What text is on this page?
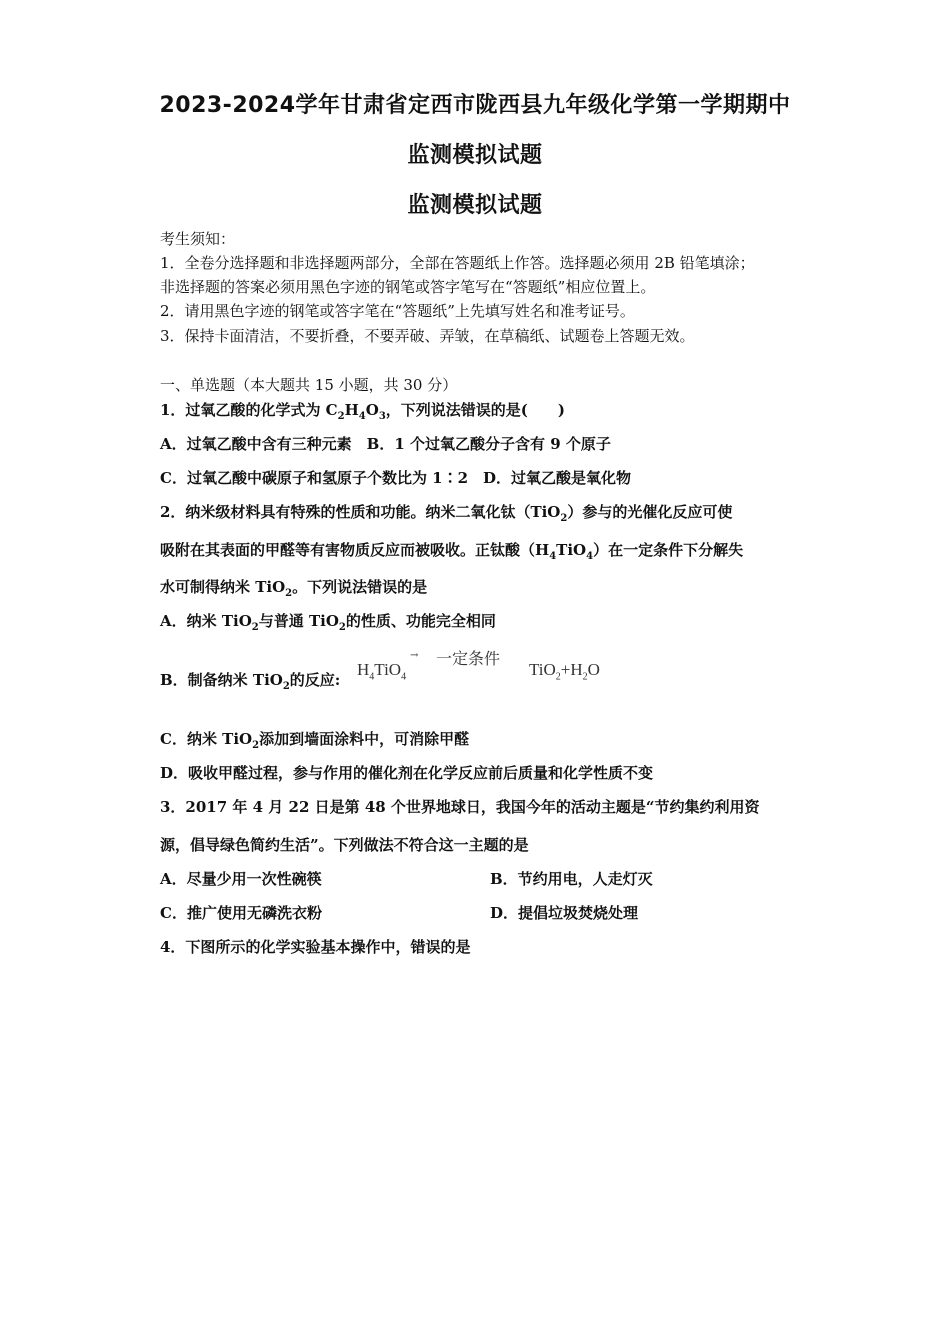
2023-2024学年甘肃省定西市陇西县九年级化学第一学期期中
监测模拟试题
监测模拟试题
考生须知：
1．全卷分选择题和非选择题两部分，全部在答题纸上作答。选择题必须用 2B 铅笔填涂；
非选择题的答案必须用黑色字迹的钢笔或答字笔写在“答题纸”相应位置上。
2．请用黑色字迹的钢笔或答字笔在“答题纸”上先填写姓名和准考证号。
3．保持卡面清洁，不要折叠，不要弄破、弄皱，在草稿纸、试题卷上答题无效。
一、单选题（本大题共 15 小题，共 30 分）
1．过氧乙酸的化学式为 $C_2H_4O_3$，下列说法错误的是(　　)
A．过氧乙酸中含有三种元素　B．1 个过氧乙酸分子含有 9 个原子
C．过氧乙酸中碳原子和氢原子个数比为 1∶2　D．过氧乙酸是氧化物
2．纳米级材料具有特殊的性质和功能。纳米二氧化钛（TiO$_2$）参与的光催化反应可使
吸附在其表面的甲醛等有害物质反应而被吸收。正钛酸$(H_4TiO_4)$在一定条件下分解失
水可制得纳米 TiO$_2$。下列说法错误的是
A．纳米 TiO$_2$与普通 TiO$_2$的性质、功能完全相同
B．制备纳米 TiO$_2$的反应:
$H_4TiO_4$
→ 一定条件
$TiO_2+H_2O$
C．纳米 TiO$_2$添加到墙面涂料中，可消除甲醛
D．吸收甲醛过程，参与作用的催化剂在化学反应前后质量和化学性质不变
3．2017 年 4 月 22 日是第 48 个世界地球日，我国今年的活动主题是“节约集约利用资
源，倡导绿色简约生活”。下列做法不符合这一主题的是
A．尽量少用一次性碗筷	B．节约用电，人走灯灭
C．推广使用无磷洗衣粉	D．提倡垃圾焚烧处理
4．下图所示的化学实验基本操作中，错误的是
